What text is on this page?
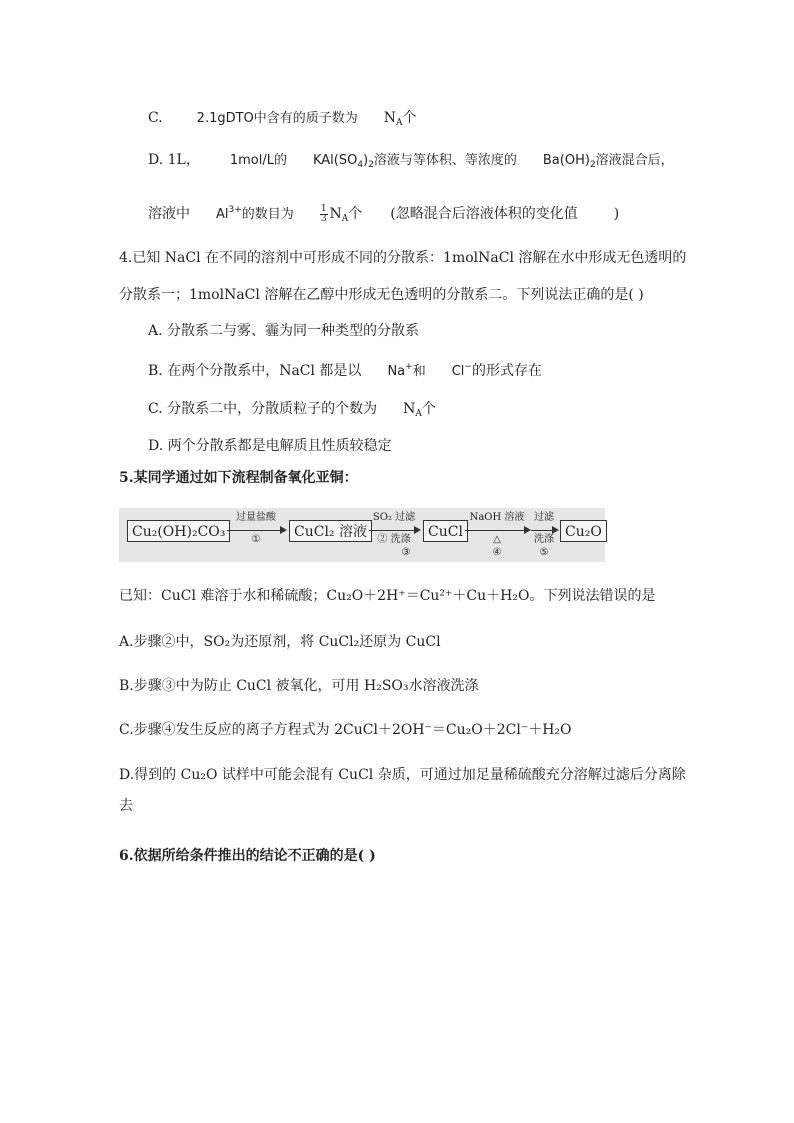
C.	2.1gDTO中含有的质子数为 $N_A$个
D. 1L， 1mol/L的 $KAl(SO_4)_2$溶液与等体积、等浓度的 $Ba(OH)_2$溶液混合后，
溶液中 $Al^{3+}$的数目为	$\frac{1}{3} N_A$个 (忽略混合后溶液体积的变化值	)
4.已知 NaCl 在不同的溶剂中可形成不同的分散系：1molNaCl 溶解在水中形成无色透明的
分散系一；1molNaCl 溶解在乙醇中形成无色透明的分散系二。下列说法正确的是( )
A. 分散系二与雾、霾为同一种类型的分散系
B. 在两个分散系中，NaCl 都是以 Na+和 Cl−的形式存在
C. 分散系二中，分散质粒子的个数为 $N_A$个
D. 两个分散系都是电解质且性质较稳定
5.某同学通过如下流程制备氧化亚铜：
Cu₂(OH)₂CO₃
过量盐酸
①	CuCl₂ 溶液
SO₂ 过滤
② 洗涤
③
CuCl
NaOH 溶液
△
④
过滤
洗涤
⑤
Cu₂O
已知：CuCl 难溶于水和稀硫酸；Cu₂O＋2H⁺＝Cu²⁺＋Cu＋H₂O。下列说法错误的是
A.步骤②中，SO₂为还原剂，将 CuCl₂还原为 CuCl
B.步骤③中为防止 CuCl 被氧化，可用 H₂SO₃水溶液洗涤
C.步骤④发生反应的离子方程式为 2CuCl＋2OH⁻＝Cu₂O＋2Cl⁻＋H₂O
D.得到的 Cu₂O 试样中可能会混有 CuCl 杂质，可通过加足量稀硫酸充分溶解过滤后分离除
去
6.依据所给条件推出的结论不正确的是( )
